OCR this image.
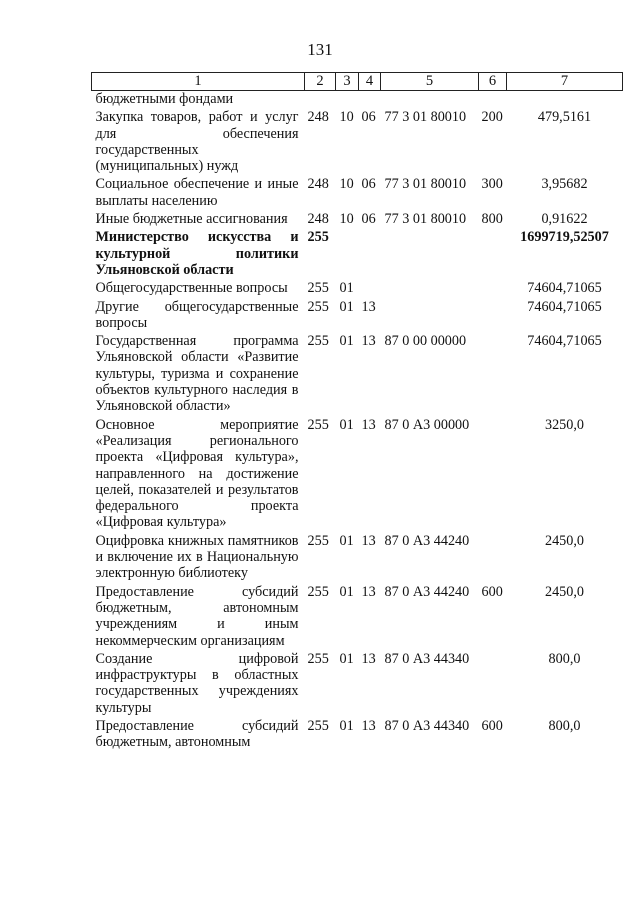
131
1	2	3	4	5	6	7
бюджетными фондами						
Закупка товаров, работ и услуг для обеспечения государственных (муниципальных) нужд	248	10	06	77 3 01 80010	200	479,5161
Социальное обеспечение и иные выплаты населению	248	10	06	77 3 01 80010	300	3,95682
Иные бюджетные ассигнования	248	10	06	77 3 01 80010	800	0,91622
Министерство искусства и культурной политики Ульяновской области	255					1699719,52507
Общегосударственные вопросы	255	01				74604,71065
Другие общегосударственные вопросы	255	01	13			74604,71065
Государственная программа Ульяновской области «Развитие культуры, туризма и сохранение объектов культурного наследия в Ульяновской области»	255	01	13	87 0 00 00000		74604,71065
Основное мероприятие «Реализация регионального проекта «Цифровая культура», направленного на достижение целей, показателей и результатов федерального проекта «Цифровая культура»	255	01	13	87 0 А3 00000		3250,0
Оцифровка книжных памятников и включение их в Национальную электронную библиотеку	255	01	13	87 0 А3 44240		2450,0
Предоставление субсидий бюджетным, автономным учреждениям и иным некоммерческим организациям	255	01	13	87 0 А3 44240	600	2450,0
Создание цифровой инфраструктуры в областных государственных учреждениях культуры	255	01	13	87 0 А3 44340		800,0
Предоставление субсидий бюджетным, автономным	255	01	13	87 0 А3 44340	600	800,0
